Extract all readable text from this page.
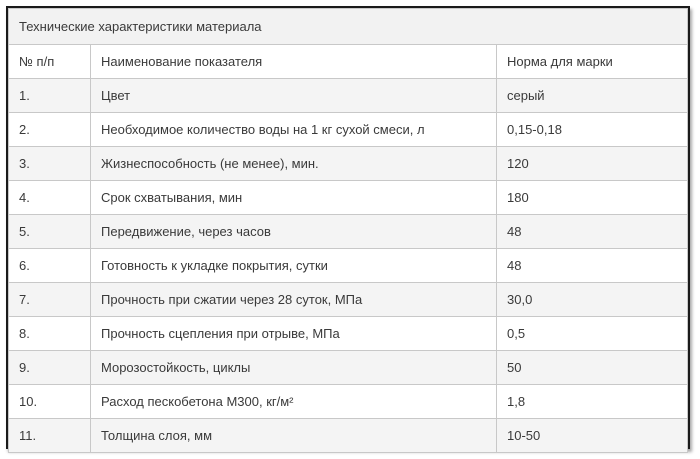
Технические характеристики материала		
№ п/п	Наименование показателя	Норма для марки
1.	Цвет	серый
2.	Необходимое количество воды на 1 кг сухой смеси, л	0,15-0,18
3.	Жизнеспособность (не менее), мин.	120
4.	Срок схватывания, мин	180
5.	Передвижение, через часов	48
6.	Готовность к укладке покрытия, сутки	48
7.	Прочность при сжатии через 28 суток, МПа	30,0
8.	Прочность сцепления при отрыве, МПа	0,5
9.	Морозостойкость, циклы	50
10.	Расход пескобетона М300, кг/м²	1,8
11.	Толщина слоя, мм	10-50
